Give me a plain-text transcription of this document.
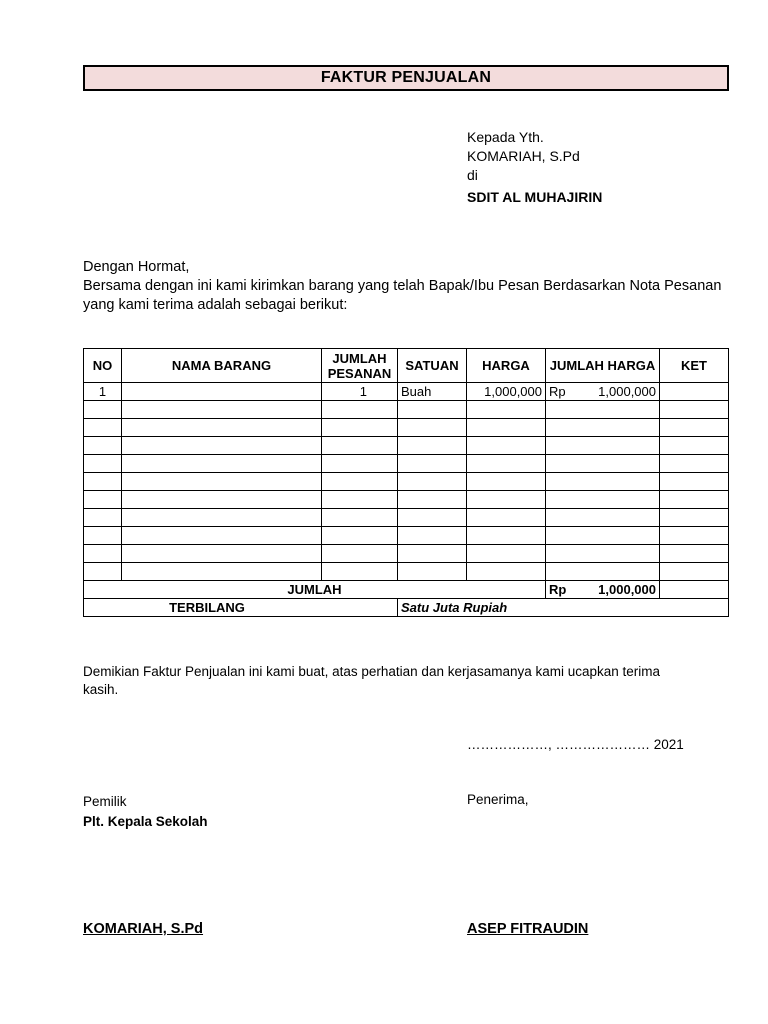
FAKTUR PENJUALAN
Kepada Yth.
KOMARIAH, S.Pd
di
SDIT AL MUHAJIRIN
Dengan Hormat,
Bersama dengan ini kami kirimkan barang yang telah Bapak/Ibu Pesan Berdasarkan Nota Pesanan yang kami terima adalah sebagai berikut:
NO	NAMA BARANG	JUMLAH PESANAN	SATUAN	HARGA	JUMLAH HARGA	KET
1		1	Buah	1,000,000	Rp 1,000,000	

JUMLAH					Rp 1,000,000	

TERBILANG			Satu Juta Rupiah			
Demikian Faktur Penjualan ini kami buat, atas perhatian dan kerjasamanya kami ucapkan terima kasih.
………………, ………………… 2021
Pemilik
Plt. Kepala Sekolah
Penerima,
KOMARIAH, S.Pd	ASEP FITRAUDIN
